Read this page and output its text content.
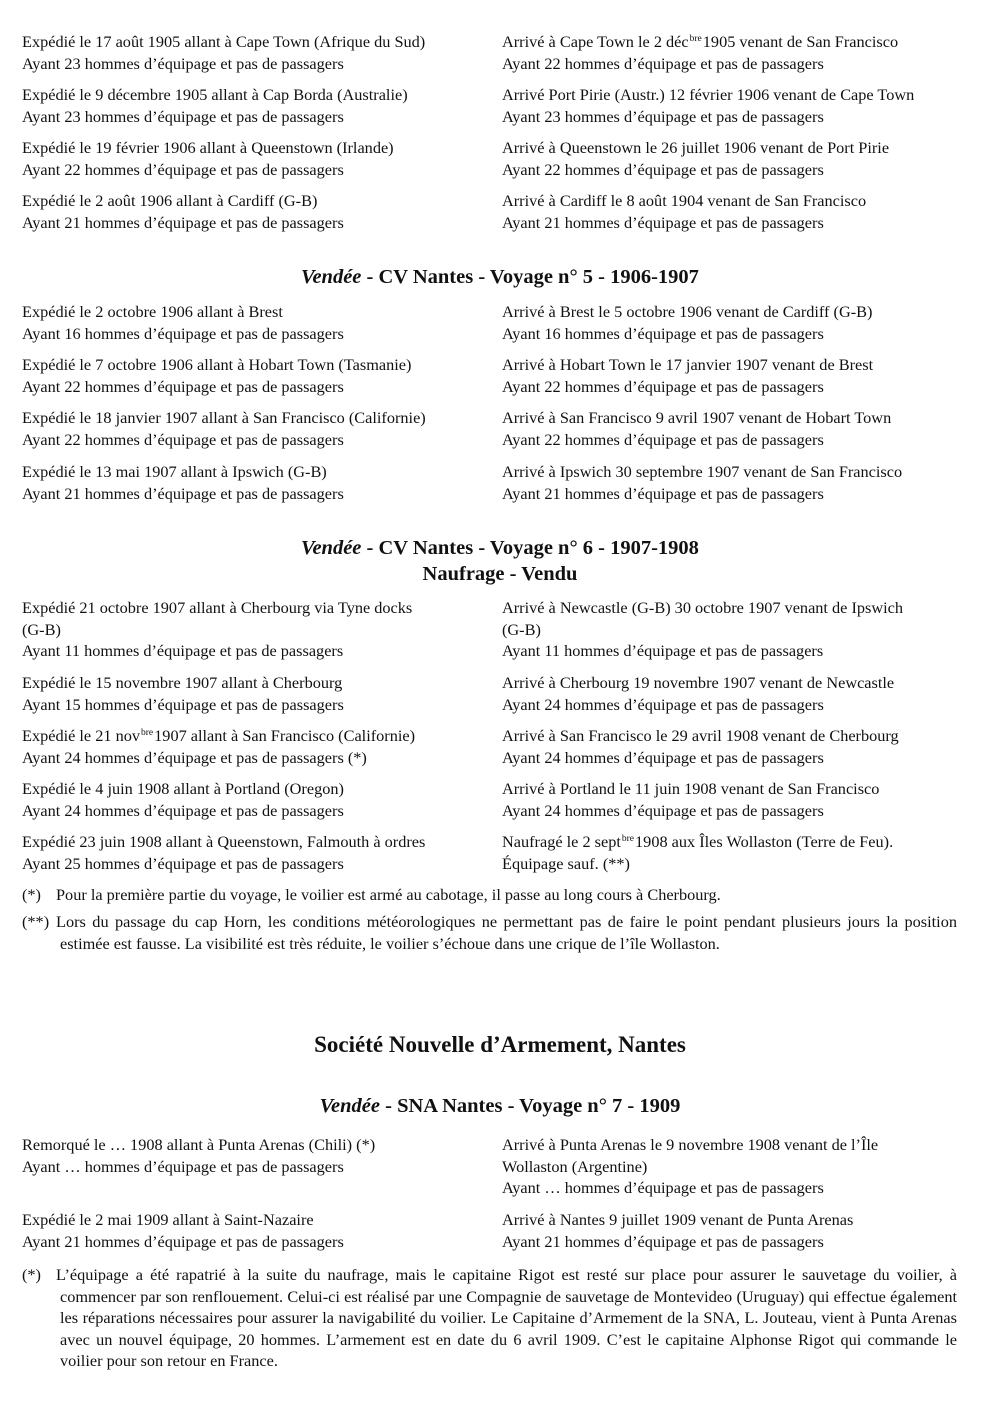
Expédié le 17 août 1905 allant à Cape Town (Afrique du Sud)
Ayant 23 hommes d’équipage et pas de passagers
Arrivé à Cape Town le 2 déc$^{bre}$1905 venant de San Francisco
Ayant 22 hommes d’équipage et pas de passagers
Expédié le 9 décembre 1905 allant à Cap Borda (Australie)
Ayant 23 hommes d’équipage et pas de passagers
Arrivé Port Pirie (Austr.) 12 février 1906 venant de Cape Town
Ayant 23 hommes d’équipage et pas de passagers
Expédié le 19 février 1906 allant à Queenstown (Irlande)
Ayant 22 hommes d’équipage et pas de passagers
Arrivé à Queenstown le 26 juillet 1906 venant de Port Pirie
Ayant 22 hommes d’équipage et pas de passagers
Expédié le 2 août 1906 allant à Cardiff (G-B)
Ayant 21 hommes d’équipage et pas de passagers
Arrivé à Cardiff le 8 août 1904 venant de San Francisco
Ayant 21 hommes d’équipage et pas de passagers
Vendée - CV Nantes - Voyage n° 5 - 1906-1907
Expédié le 2 octobre 1906 allant à Brest
Ayant 16 hommes d’équipage et pas de passagers
Arrivé à Brest le 5 octobre 1906 venant de Cardiff (G-B)
Ayant 16 hommes d’équipage et pas de passagers
Expédié le 7 octobre 1906 allant à Hobart Town (Tasmanie)
Ayant 22 hommes d’équipage et pas de passagers
Arrivé à Hobart Town le 17 janvier 1907 venant de Brest
Ayant 22 hommes d’équipage et pas de passagers
Expédié le 18 janvier 1907 allant à San Francisco (Californie)
Ayant 22 hommes d’équipage et pas de passagers
Arrivé à San Francisco 9 avril 1907 venant de Hobart Town
Ayant 22 hommes d’équipage et pas de passagers
Expédié le 13 mai 1907 allant à Ipswich (G-B)
Ayant 21 hommes d’équipage et pas de passagers
Arrivé à Ipswich 30 septembre 1907 venant de San Francisco
Ayant 21 hommes d’équipage et pas de passagers
Vendée - CV Nantes - Voyage n° 6 - 1907-1908
Naufrage - Vendu
Expédié 21 octobre 1907 allant à Cherbourg via Tyne docks
(G-B)
Ayant 11 hommes d’équipage et pas de passagers
Arrivé à Newcastle (G-B) 30 octobre 1907 venant de Ipswich
(G-B)
Ayant 11 hommes d’équipage et pas de passagers
Expédié le 15 novembre 1907 allant à Cherbourg
Ayant 15 hommes d’équipage et pas de passagers
Arrivé à Cherbourg 19 novembre 1907 venant de Newcastle
Ayant 24 hommes d’équipage et pas de passagers
Expédié le 21 nov$^{bre}$1907 allant à San Francisco (Californie)
Ayant 24 hommes d’équipage et pas de passagers (*)
Arrivé à San Francisco le 29 avril 1908 venant de Cherbourg
Ayant 24 hommes d’équipage et pas de passagers
Expédié le 4 juin 1908 allant à Portland (Oregon)
Ayant 24 hommes d’équipage et pas de passagers
Arrivé à Portland le 11 juin 1908 venant de San Francisco
Ayant 24 hommes d’équipage et pas de passagers
Expédié 23 juin 1908 allant à Queenstown, Falmouth à ordres
Ayant 25 hommes d’équipage et pas de passagers
Naufragé le 2 sept$^{bre}$1908 aux Îles Wollaston (Terre de Feu).
Équipage sauf. (**)
(*) Pour la première partie du voyage, le voilier est armé au cabotage, il passe au long cours à Cherbourg.
(**) Lors du passage du cap Horn, les conditions météorologiques ne permettant pas de faire le point pendant plusieurs jours la position estimée est fausse. La visibilité est très réduite, le voilier s’échoue dans une crique de l’île Wollaston.
Société Nouvelle d’Armement, Nantes
Vendée - SNA Nantes - Voyage n° 7 - 1909
Remorqué le … 1908 allant à Punta Arenas (Chili) (*)
Ayant … hommes d’équipage et pas de passagers
Arrivé à Punta Arenas le 9 novembre 1908 venant de l’Île
Wollaston (Argentine)
Ayant … hommes d’équipage et pas de passagers
Expédié le 2 mai 1909 allant à Saint-Nazaire
Ayant 21 hommes d’équipage et pas de passagers
Arrivé à Nantes 9 juillet 1909 venant de Punta Arenas
Ayant 21 hommes d’équipage et pas de passagers
(*) L’équipage a été rapatrié à la suite du naufrage, mais le capitaine Rigot est resté sur place pour assurer le sauvetage du voilier, à commencer par son renflouement. Celui-ci est réalisé par une Compagnie de sauvetage de Montevideo (Uruguay) qui effectue également les réparations nécessaires pour assurer la navigabilité du voilier. Le Capitaine d’Armement de la SNA, L. Jouteau, vient à Punta Arenas avec un nouvel équipage, 20 hommes. L’armement est en date du 6 avril 1909. C’est le capitaine Alphonse Rigot qui commande le voilier pour son retour en France.
